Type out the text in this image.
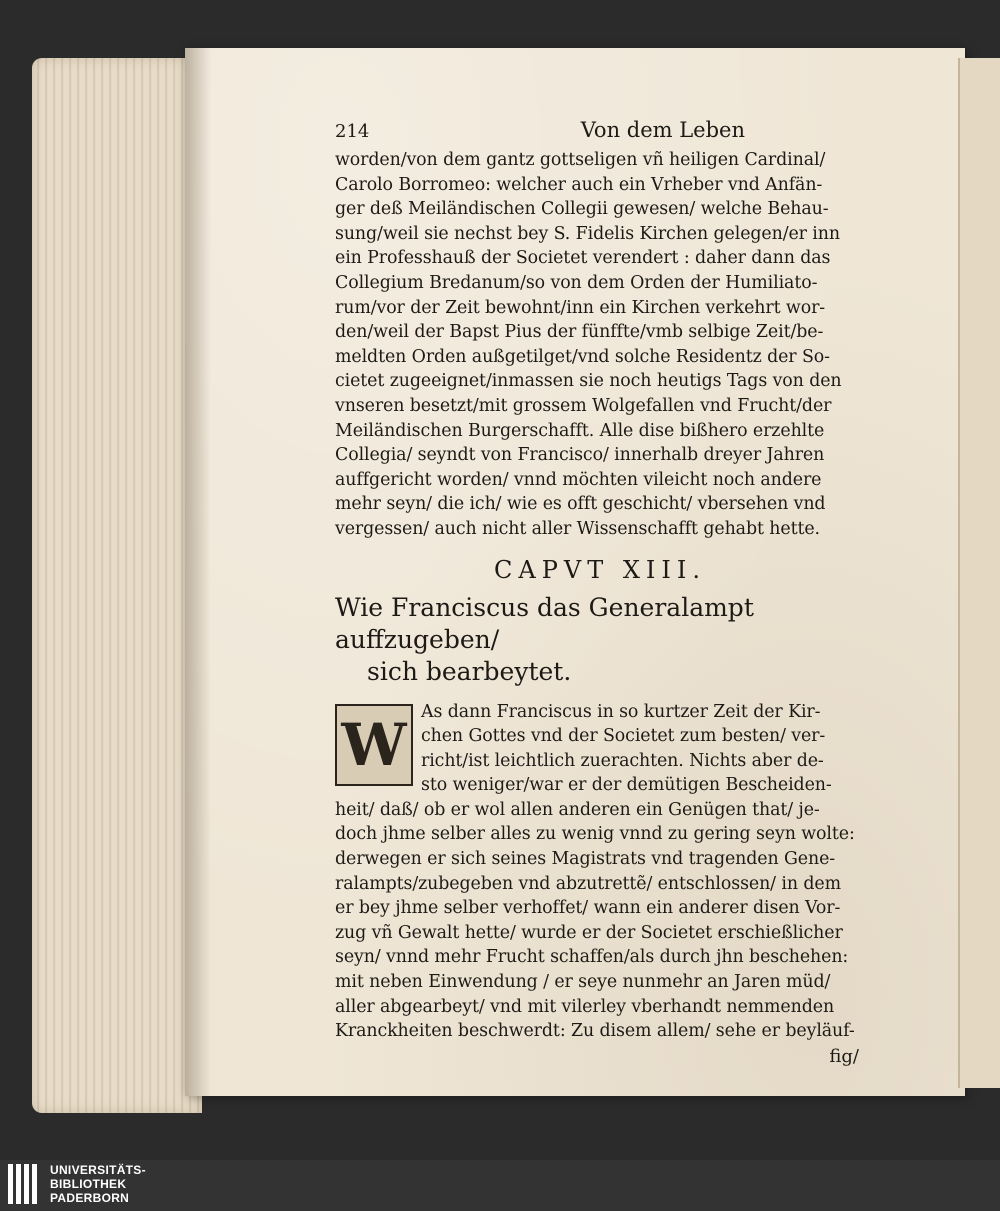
214	Von dem Leben

worden/von dem gantz gottseligen vñ heiligen Cardinal/
Carolo Borromeo: welcher auch ein Vrheber vnd Anfän-
ger deß Meiländischen Collegii gewesen/ welche Behau-
sung/weil sie nechst bey S. Fidelis Kirchen gelegen/er inn
ein Professhauß der Societet verendert : daher dann das
Collegium Bredanum/so von dem Orden der Humiliato-
rum/vor der Zeit bewohnt/inn ein Kirchen verkehrt wor-
den/weil der Bapst Pius der fünffte/vmb selbige Zeit/be-
meldten Orden außgetilget/vnd solche Residentz der So-
cietet zugeeignet/inmassen sie noch heutigs Tags von den
vnseren besetzt/mit grossem Wolgefallen vnd Frucht/der
Meiländischen Burgerschafft. Alle dise bißhero erzehlte
Collegia/ seyndt von Francisco/ innerhalb dreyer Jahren
auffgericht worden/ vnnd möchten vileicht noch andere
mehr seyn/ die ich/ wie es offt geschicht/ vbersehen vnd
vergessen/ auch nicht aller Wissenschafft gehabt hette.

CAPVT XIII.
Wie Franciscus das Generalampt auffzugeben/
sich bearbeytet.
W As dann Franciscus in so kurtzer Zeit der Kir-
chen Gottes vnd der Societet zum besten/ ver-
richt/ist leichtlich zuerachten. Nichts aber de-
sto weniger/war er der demütigen Bescheiden-
heit/ daß/ ob er wol allen anderen ein Genügen that/ je-
doch jhme selber alles zu wenig vnnd zu gering seyn wolte:
derwegen er sich seines Magistrats vnd tragenden Gene-
ralampts/zubegeben vnd abzutrettẽ/ entschlossen/ in dem
er bey jhme selber verhoffet/ wann ein anderer disen Vor-
zug vñ Gewalt hette/ wurde er der Societet erschießlicher
seyn/ vnnd mehr Frucht schaffen/als durch jhn beschehen:
mit neben Einwendung / er seye nunmehr an Jaren müd/
aller abgearbeyt/ vnd mit vilerley vberhandt nemmenden
Kranckheiten beschwerdt: Zu disem allem/ sehe er beyläuf-

fig/
UNIVERSITÄTS-
BIBLIOTHEK
PADERBORN
